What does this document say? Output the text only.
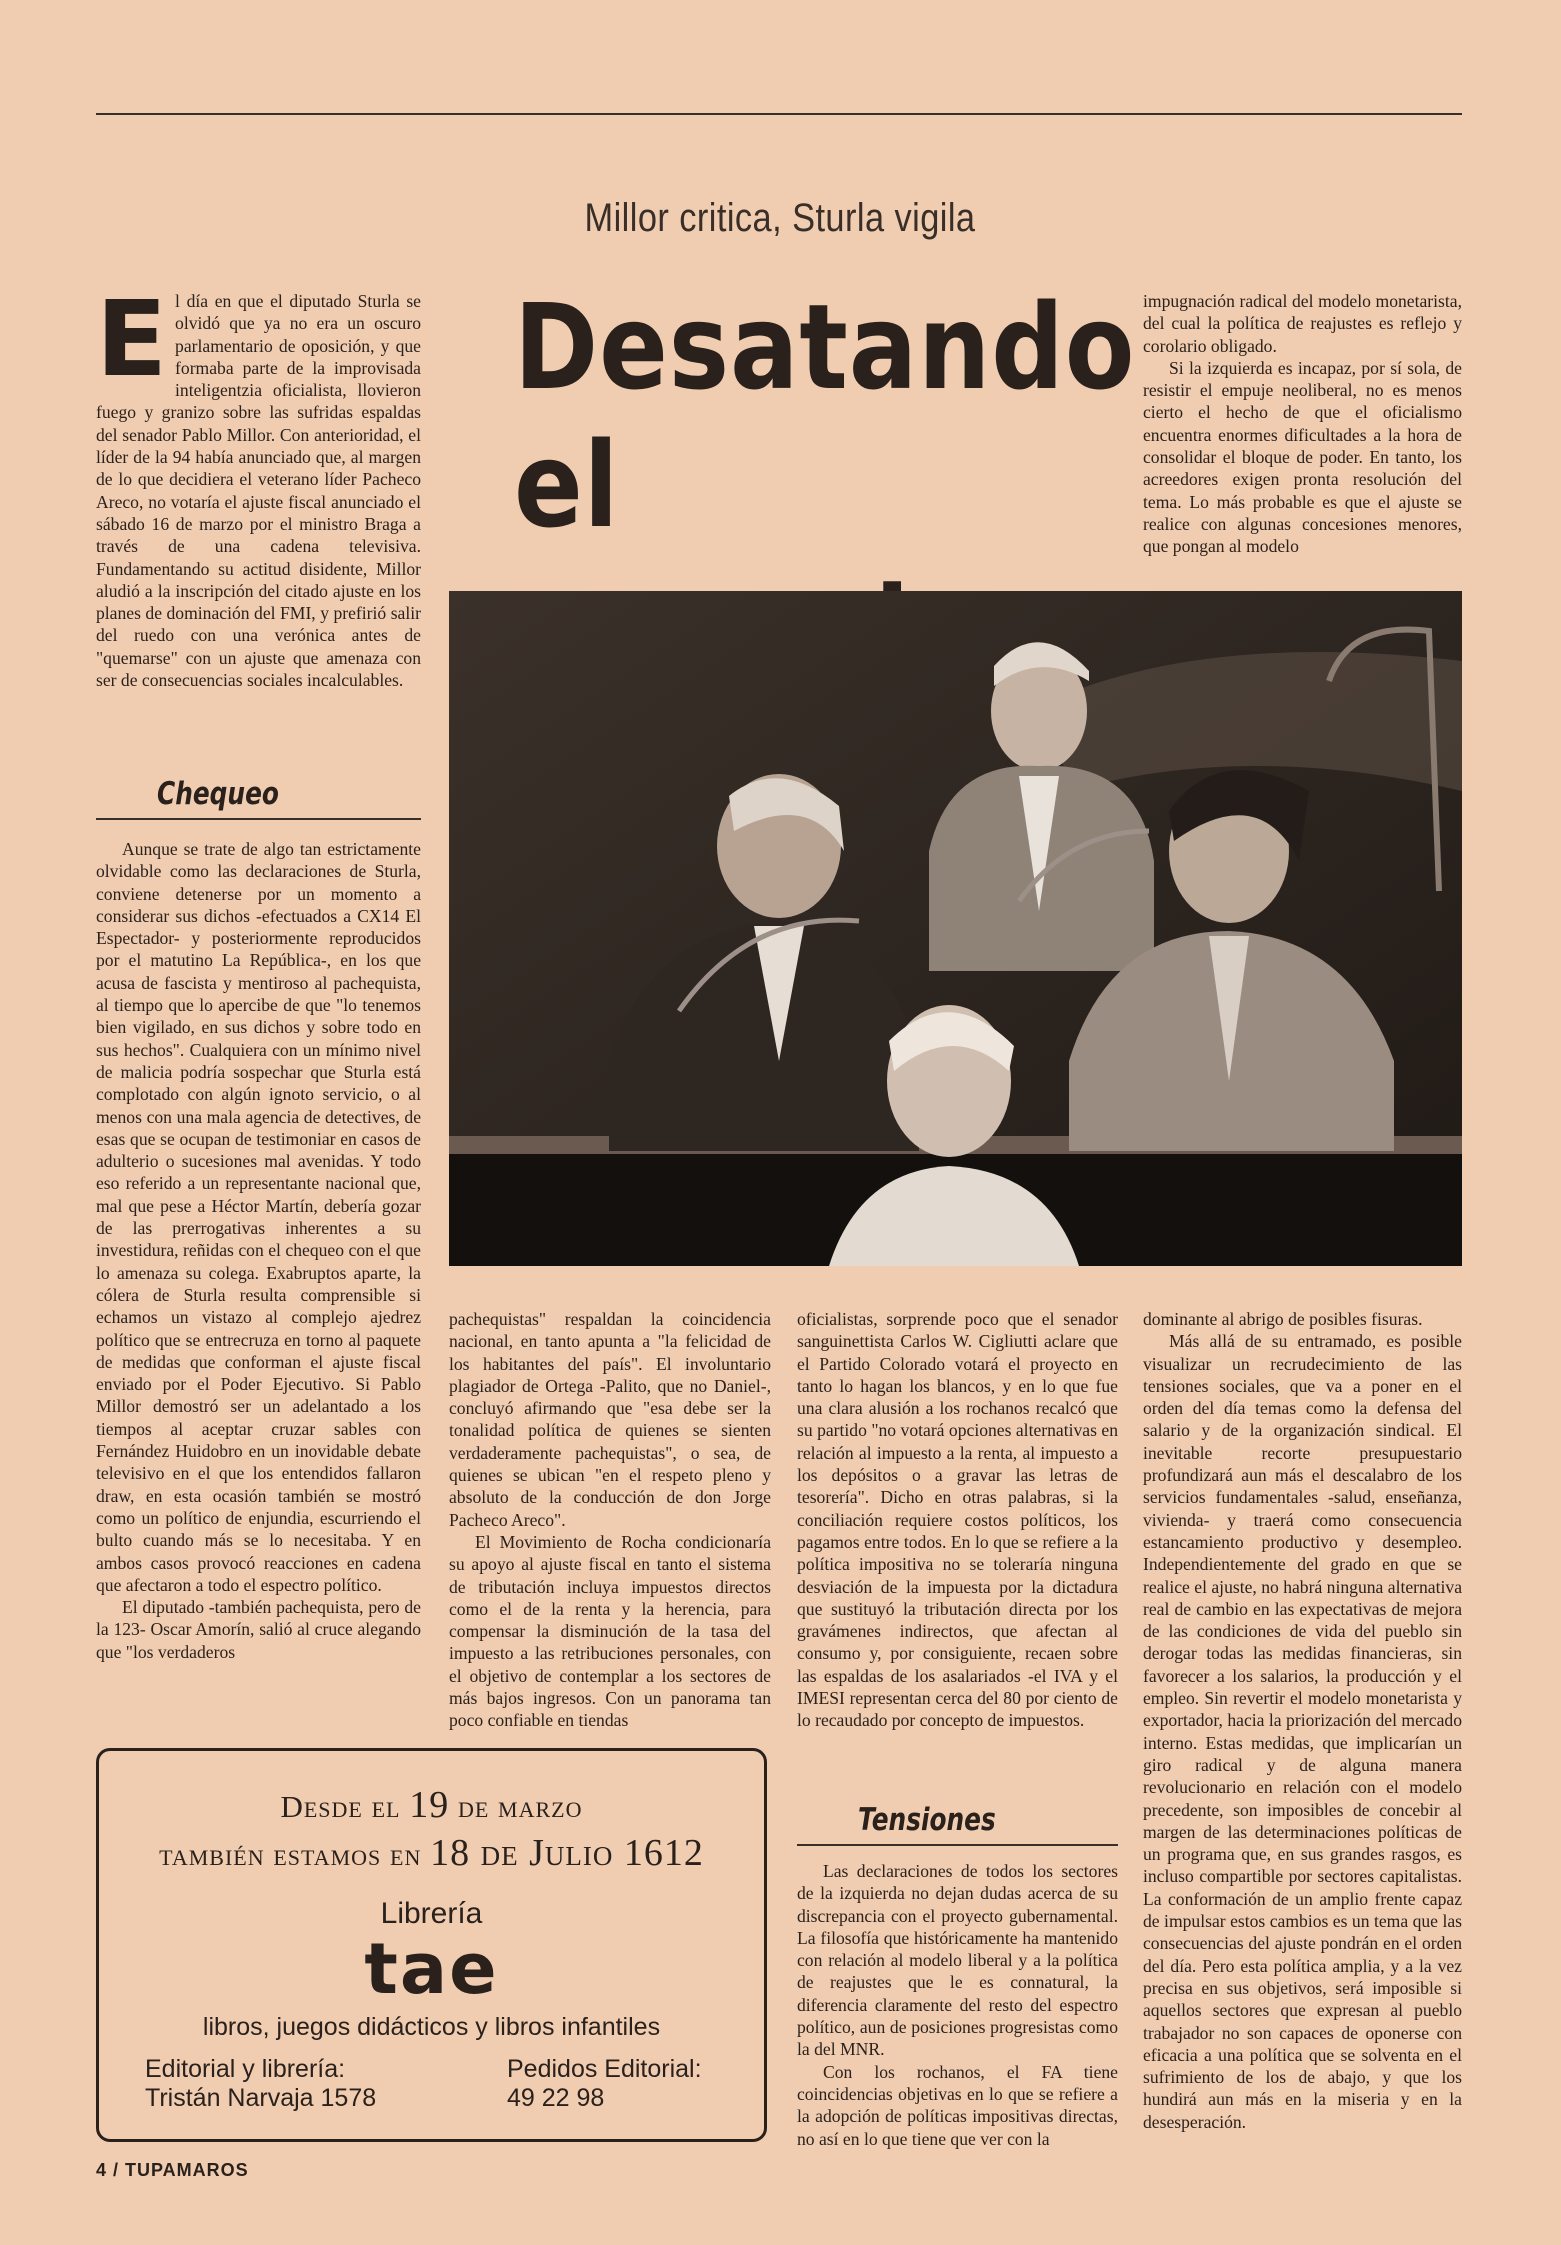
Millor critica, Sturla vigila
Desatando
el

El día en que el diputado Sturla se olvidó que ya no era un oscuro parlamentario de oposición, y que formaba parte de la improvisada inteligentzia oficialista, llovieron fuego y granizo sobre las sufridas espaldas del senador Pablo Millor. Con anterioridad, el líder de la 94 había anunciado que, al margen de lo que decidiera el veterano líder Pacheco Areco, no votaría el ajuste fiscal anunciado el sábado 16 de marzo por el ministro Braga a través de una cadena televisiva. Fundamentando su actitud disidente, Millor aludió a la inscripción del citado ajuste en los planes de dominación del FMI, y prefirió salir del ruedo con una verónica antes de "quemarse" con un ajuste que amenaza con ser de consecuencias sociales incalculables.

Chequeo

Aunque se trate de algo tan estrictamente olvidable como las declaraciones de Sturla, conviene detenerse por un momento a considerar sus dichos -efectuados a CX14 El Espectador- y posteriormente reproducidos por el matutino La República-, en los que acusa de fascista y mentiroso al pachequista, al tiempo que lo apercibe de que "lo tenemos bien vigilado, en sus dichos y sobre todo en sus hechos". Cualquiera con un mínimo nivel de malicia podría sospechar que Sturla está complotado con algún ignoto servicio, o al menos con una mala agencia de detectives, de esas que se ocupan de testimoniar en casos de adulterio o sucesiones mal avenidas. Y todo eso referido a un representante nacional que, mal que pese a Héctor Martín, debería gozar de las prerrogativas inherentes a su investidura, reñidas con el chequeo con el que lo amenaza su colega. Exabruptos aparte, la cólera de Sturla resulta comprensible si echamos un vistazo al complejo ajedrez político que se entrecruza en torno al paquete de medidas que conforman el ajuste fiscal enviado por el Poder Ejecutivo. Si Pablo Millor demostró ser un adelantado a los tiempos al aceptar cruzar sables con Fernández Huidobro en un inovidable debate televisivo en el que los entendidos fallaron draw, en esta ocasión también se mostró como un político de enjundia, escurriendo el bulto cuando más se lo necesitaba. Y en ambos casos provocó reacciones en cadena que afectaron a todo el espectro político.

El diputado -también pachequista, pero de la 123- Oscar Amorín, salió al cruce alegando que "los verdaderos

impugnación radical del modelo monetarista, del cual la política de reajustes es reflejo y corolario obligado.

Si la izquierda es incapaz, por sí sola, de resistir el empuje neoliberal, no es menos cierto el hecho de que el oficialismo encuentra enormes dificultades a la hora de consolidar el bloque de poder. En tanto, los acreedores exigen pronta resolución del tema. Lo más probable es que el ajuste se realice con algunas concesiones menores, que pongan al modelo

pachequistas" respaldan la coincidencia nacional, en tanto apunta a "la felicidad de los habitantes del país". El involuntario plagiador de Ortega -Palito, que no Daniel-, concluyó afirmando que "esa debe ser la tonalidad política de quienes se sienten verdaderamente pachequistas", o sea, de quienes se ubican "en el respeto pleno y absoluto de la conducción de don Jorge Pacheco Areco".

El Movimiento de Rocha condicionaría su apoyo al ajuste fiscal en tanto el sistema de tributación incluya impuestos directos como el de la renta y la herencia, para compensar la disminución de la tasa del impuesto a las retribuciones personales, con el objetivo de contemplar a los sectores de más bajos ingresos. Con un panorama tan poco confiable en tiendas

oficialistas, sorprende poco que el senador sanguinettista Carlos W. Cigliutti aclare que el Partido Colorado votará el proyecto en tanto lo hagan los blancos, y en lo que fue una clara alusión a los rochanos recalcó que su partido "no votará opciones alternativas en relación al impuesto a la renta, al impuesto a los depósitos o a gravar las letras de tesorería". Dicho en otras palabras, si la conciliación requiere costos políticos, los pagamos entre todos. En lo que se refiere a la política impositiva no se toleraría ninguna desviación de la impuesta por la dictadura que sustituyó la tributación directa por los gravámenes indirectos, que afectan al consumo y, por consiguiente, recaen sobre las espaldas de los asalariados -el IVA y el IMESI representan cerca del 80 por ciento de lo recaudado por concepto de impuestos.

Tensiones

Las declaraciones de todos los sectores de la izquierda no dejan dudas acerca de su discrepancia con el proyecto gubernamental. La filosofía que históricamente ha mantenido con relación al modelo liberal y a la política de reajustes que le es connatural, la diferencia claramente del resto del espectro político, aun de posiciones progresistas como la del MNR.

Con los rochanos, el FA tiene coincidencias objetivas en lo que se refiere a la adopción de políticas impositivas directas, no así en lo que tiene que ver con la

dominante al abrigo de posibles fisuras.

Más allá de su entramado, es posible visualizar un recrudecimiento de las tensiones sociales, que va a poner en el orden del día temas como la defensa del salario y de la organización sindical. El inevitable recorte presupuestario profundizará aun más el descalabro de los servicios fundamentales -salud, enseñanza, vivienda- y traerá como consecuencia estancamiento productivo y desempleo. Independientemente del grado en que se realice el ajuste, no habrá ninguna alternativa real de cambio en las expectativas de mejora de las condiciones de vida del pueblo sin derogar todas las medidas financieras, sin favorecer a los salarios, la producción y el empleo. Sin revertir el modelo monetarista y exportador, hacia la priorización del mercado interno. Estas medidas, que implicarían un giro radical y de alguna manera revolucionario en relación con el modelo precedente, son imposibles de concebir al margen de las determinaciones políticas de un programa que, en sus grandes rasgos, es incluso compartible por sectores capitalistas. La conformación de un amplio frente capaz de impulsar estos cambios es un tema que las consecuencias del ajuste pondrán en el orden del día. Pero esta política amplia, y a la vez precisa en sus objetivos, será imposible si aquellos sectores que expresan al pueblo trabajador no son capaces de oponerse con eficacia a una política que se solventa en el sufrimiento de los de abajo, y que los hundirá aun más en la miseria y en la desesperación.

Desde el 19 de marzo
también estamos en 18 de Julio 1612
Librería
tae
libros, juegos didácticos y libros infantiles
Editorial y librería:
Tristán Narvaja 1578
Pedidos Editorial:
49 22 98
4 / TUPAMAROS
